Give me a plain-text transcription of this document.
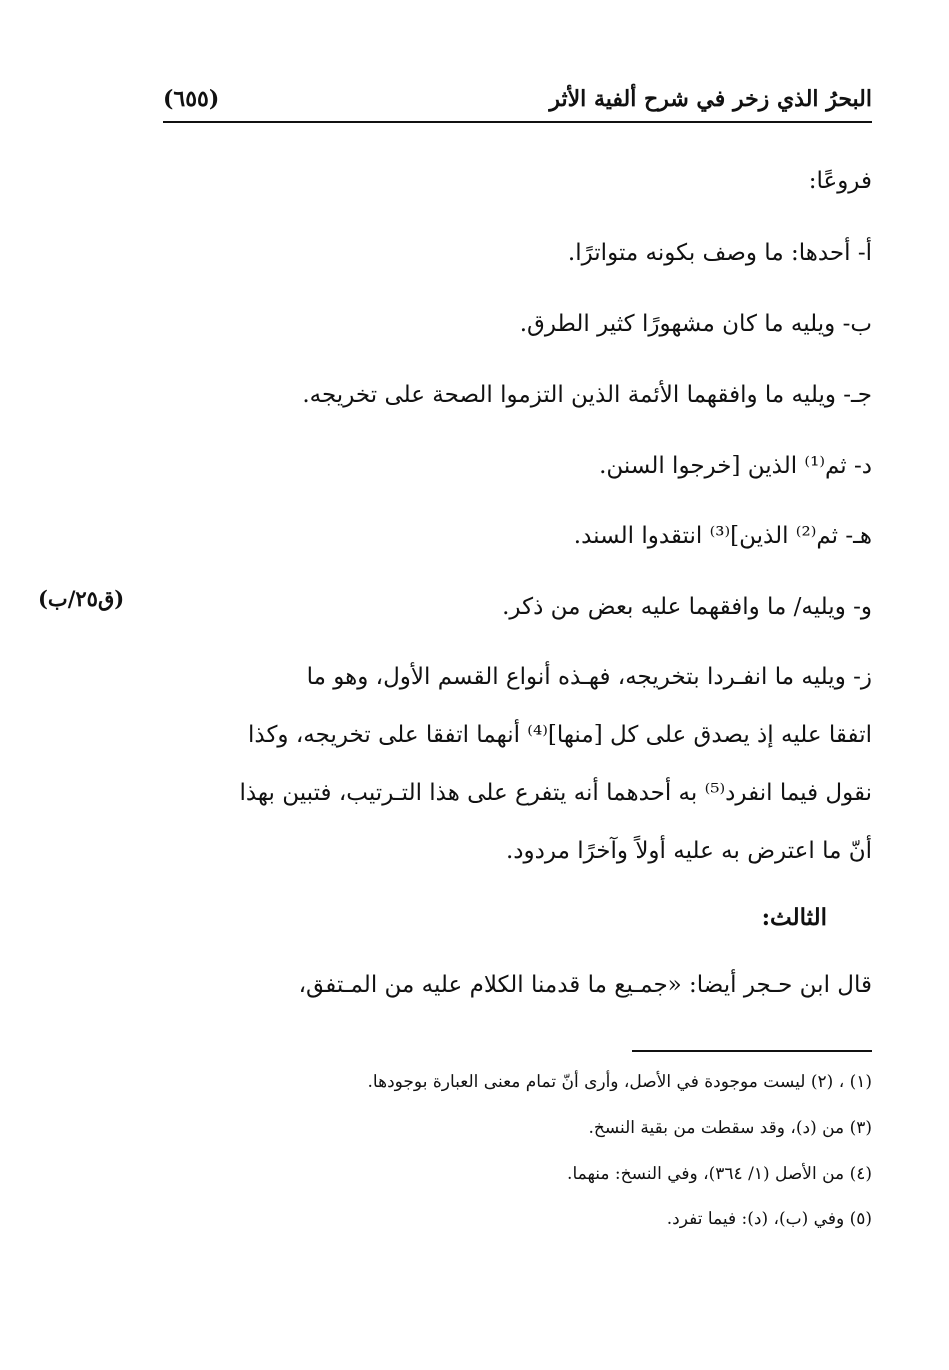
البحرُ الذي زخر في شرح ألفية الأثر
(٦٥٥)
فروعًا:
أ- أحدها: ما وصف بكونه متواترًا.
ب- ويليه ما كان مشهورًا كثير الطرق.
جـ- ويليه ما وافقهما الأئمة الذين التزموا الصحة على تخريجه.
د- ثم⁽¹⁾ الذين [خرجوا السنن.
هـ- ثم⁽²⁾ الذين]⁽³⁾ انتقدوا السند.
و- ويليه/ ما وافقهما عليه بعض من ذكر.
(ق٢٥/ب)
ز- ويليه ما انفـردا بتخريجه، فهـذه أنواع القسم الأول، وهو ما
اتفقا عليه إذ يصدق على كل [منها]⁽⁴⁾ أنهما اتفقا على تخريجه، وكذا
نقول فيما انفرد⁽⁵⁾ به أحدهما أنه يتفرع على هذا التـرتيب، فتبين بهذا
أنّ ما اعترض به عليه أولاً وآخرًا مردود.
الثالث:
قال ابن حـجر أيضا: «جمـيع ما قدمنا الكلام عليه من المـتفق،
(١) ، (٢) ليست موجودة في الأصل، وأرى أنّ تمام معنى العبارة بوجودها.
(٣) من (د)، وقد سقطت من بقية النسخ.
(٤) من الأصل (١/ ٣٦٤)، وفي النسخ: منهما.
(٥) وفي (ب)، (د): فيما تفرد.
